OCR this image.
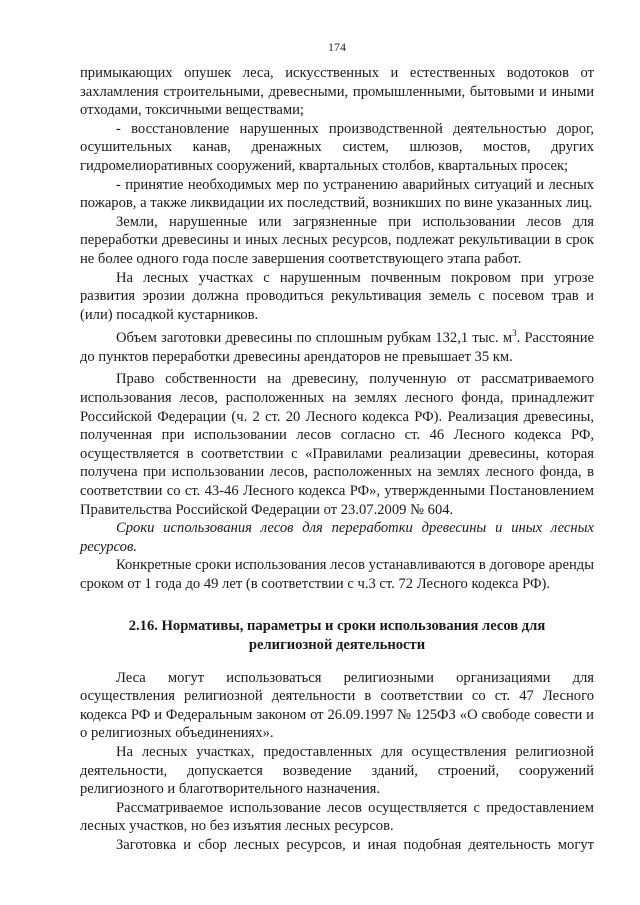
174

примыкающих опушек леса, искусственных и естественных водотоков от захламления строительными, древесными, промышленными, бытовыми и иными отходами, токсичными веществами;

- восстановление нарушенных производственной деятельностью дорог, осушительных канав, дренажных систем, шлюзов, мостов, других гидромелиоративных сооружений, квартальных столбов, квартальных просек;

- принятие необходимых мер по устранению аварийных ситуаций и лесных пожаров, а также ликвидации их последствий, возникших по вине указанных лиц.

Земли, нарушенные или загрязненные при использовании лесов для переработки древесины и иных лесных ресурсов, подлежат рекультивации в срок не более одного года после завершения соответствующего этапа работ.

На лесных участках с нарушенным почвенным покровом при угрозе развития эрозии должна проводиться рекультивация земель с посевом трав и (или) посадкой кустарников.

Объем заготовки древесины по сплошным рубкам 132,1 тыс. $м^3$. Расстояние до пунктов переработки древесины арендаторов не превышает 35 км.

Право собственности на древесину, полученную от рассматриваемого использования лесов, расположенных на землях лесного фонда, принадлежит Российской Федерации (ч. 2 ст. 20 Лесного кодекса РФ). Реализация древесины, полученная при использовании лесов согласно ст. 46 Лесного кодекса РФ, осуществляется в соответствии с «Правилами реализации древесины, которая получена при использовании лесов, расположенных на землях лесного фонда, в соответствии со ст. 43-46 Лесного кодекса РФ», утвержденными Постановлением Правительства Российской Федерации от 23.07.2009 № 604.

Сроки использования лесов для переработки древесины и иных лесных ресурсов.

Конкретные сроки использования лесов устанавливаются в договоре аренды сроком от 1 года до 49 лет (в соответствии с ч.3 ст. 72 Лесного кодекса РФ).

2.16. Нормативы, параметры и сроки использования лесов для
религиозной деятельности

Леса могут использоваться религиозными организациями для осуществления религиозной деятельности в соответствии со ст. 47 Лесного кодекса РФ и Федеральным законом от 26.09.1997 № 125ФЗ «О свободе совести и о религиозных объединениях».

На лесных участках, предоставленных для осуществления религиозной деятельности, допускается возведение зданий, строений, сооружений религиозного и благотворительного назначения.

Рассматриваемое использование лесов осуществляется с предоставлением лесных участков, но без изъятия лесных ресурсов.

Заготовка и сбор лесных ресурсов, и иная подобная деятельность могут
